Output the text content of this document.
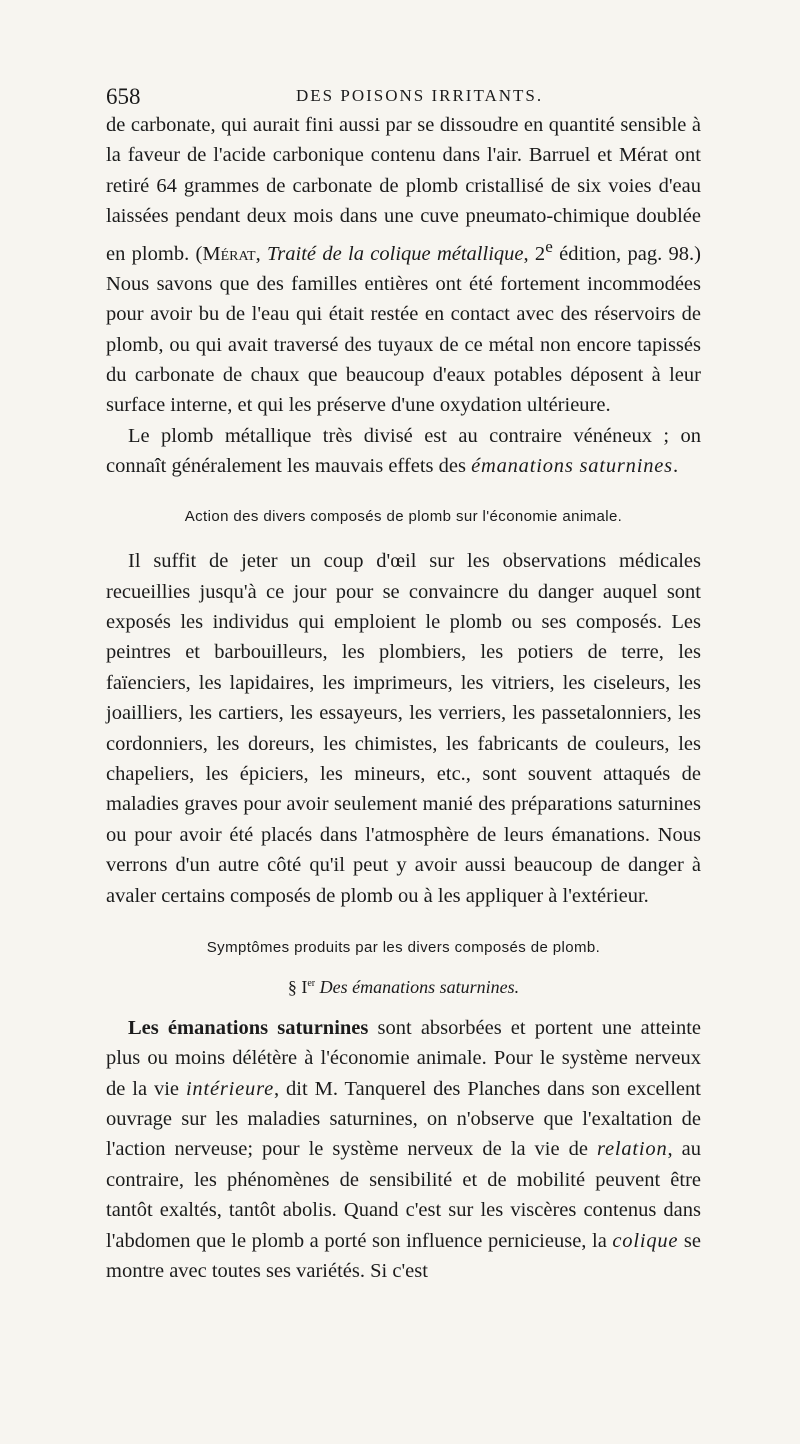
658	DES POISONS IRRITANTS.

de carbonate, qui aurait fini aussi par se dissoudre en quantité sensible à la faveur de l'acide carbonique contenu dans l'air. Barruel et Mérat ont retiré 64 grammes de carbonate de plomb cristallisé de six voies d'eau laissées pendant deux mois dans une cuve pneumato-chimique doublée en plomb. (Mérat, Traité de la colique métallique, 2e édition, pag. 98.) Nous savons que des familles entières ont été fortement incommodées pour avoir bu de l'eau qui était restée en contact avec des réservoirs de plomb, ou qui avait traversé des tuyaux de ce métal non encore tapissés du carbonate de chaux que beaucoup d'eaux potables déposent à leur surface interne, et qui les préserve d'une oxydation ultérieure.

Le plomb métallique très divisé est au contraire vénéneux ; on connaît généralement les mauvais effets des émanations saturnines.

Action des divers composés de plomb sur l'économie animale.

Il suffit de jeter un coup d'œil sur les observations médicales recueillies jusqu'à ce jour pour se convaincre du danger auquel sont exposés les individus qui emploient le plomb ou ses composés. Les peintres et barbouilleurs, les plombiers, les potiers de terre, les faïenciers, les lapidaires, les imprimeurs, les vitriers, les ciseleurs, les joailliers, les cartiers, les essayeurs, les verriers, les passetalonniers, les cordonniers, les doreurs, les chimistes, les fabricants de couleurs, les chapeliers, les épiciers, les mineurs, etc., sont souvent attaqués de maladies graves pour avoir seulement manié des préparations saturnines ou pour avoir été placés dans l'atmosphère de leurs émanations. Nous verrons d'un autre côté qu'il peut y avoir aussi beaucoup de danger à avaler certains composés de plomb ou à les appliquer à l'extérieur.

Symptômes produits par les divers composés de plomb.
§ Ier Des émanations saturnines.

Les émanations saturnines sont absorbées et portent une atteinte plus ou moins délétère à l'économie animale. Pour le système nerveux de la vie intérieure, dit M. Tanquerel des Planches dans son excellent ouvrage sur les maladies saturnines, on n'observe que l'exaltation de l'action nerveuse; pour le système nerveux de la vie de relation, au contraire, les phénomènes de sensibilité et de mobilité peuvent être tantôt exaltés, tantôt abolis. Quand c'est sur les viscères contenus dans l'abdomen que le plomb a porté son influence pernicieuse, la colique se montre avec toutes ses variétés. Si c'est
